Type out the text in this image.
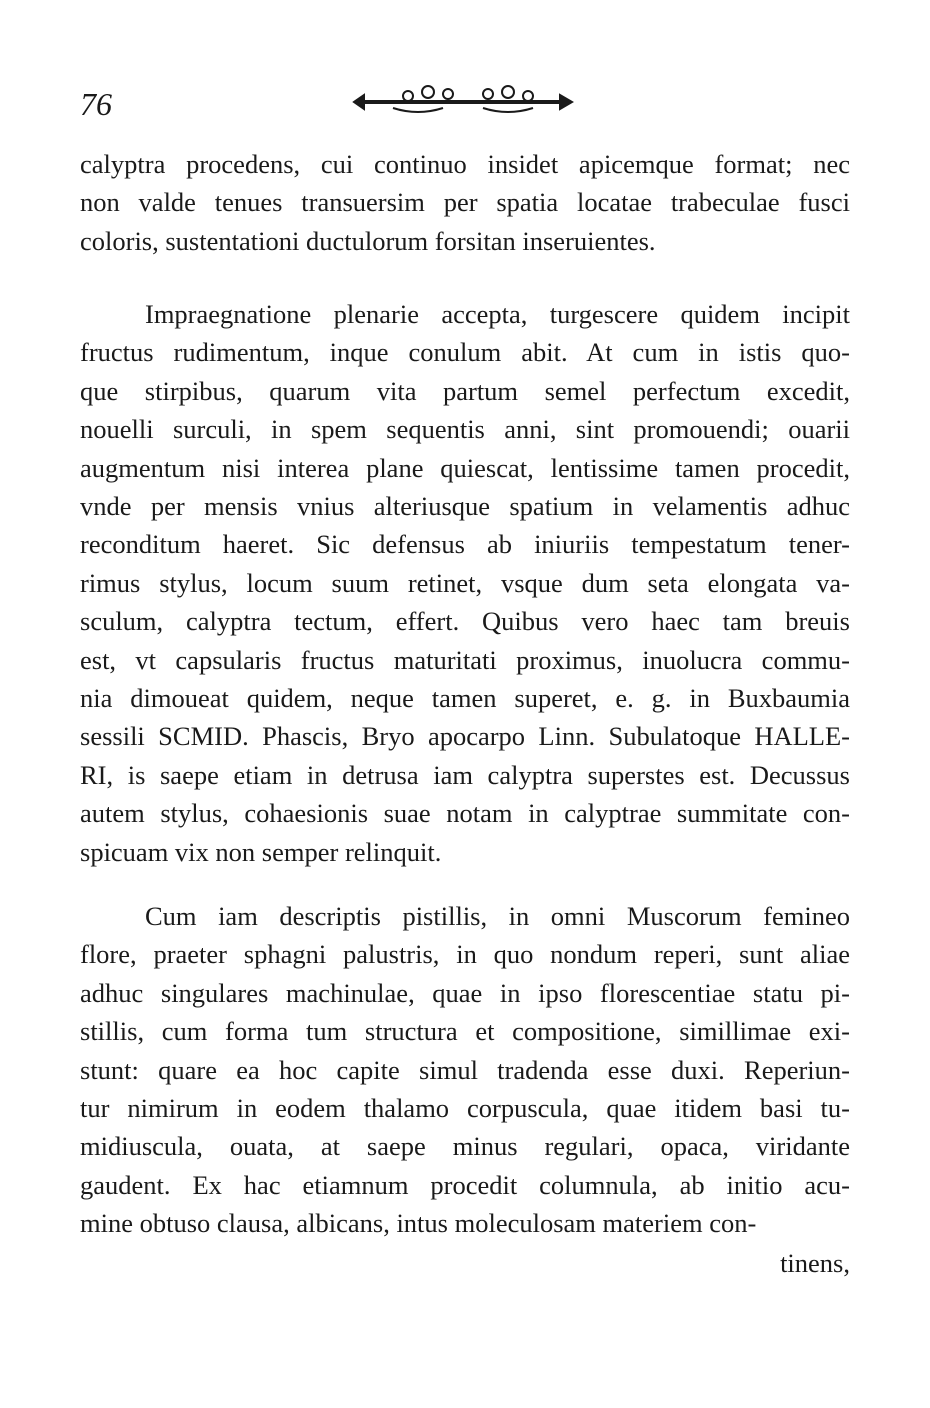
76
calyptra procedens, cui continuo insidet apicemque format; nec
non valde tenues transuersim per spatia locatae trabeculae fusci
coloris, sustentationi ductulorum forsitan inseruientes.
Impraegnatione plenarie accepta, turgescere quidem incipit
fructus rudimentum, inque conulum abit. At cum in istis quo-
que stirpibus, quarum vita partum semel perfectum excedit,
nouelli surculi, in spem sequentis anni, sint promouendi; ouarii
augmentum nisi interea plane quiescat, lentissime tamen procedit,
vnde per mensis vnius alteriusque spatium in velamentis adhuc
reconditum haeret. Sic defensus ab iniuriis tempestatum tener-
rimus stylus, locum suum retinet, vsque dum seta elongata va-
sculum, calyptra tectum, effert. Quibus vero haec tam breuis
est, vt capsularis fructus maturitati proximus, inuolucra commu-
nia dimoueat quidem, neque tamen superet, e. g. in Buxbaumia
sessili SCMID. Phascis, Bryo apocarpo Linn. Subulatoque HALLE-
RI, is saepe etiam in detrusa iam calyptra superstes est. Decussus
autem stylus, cohaesionis suae notam in calyptrae summitate con-
spicuam vix non semper relinquit.
Cum iam descriptis pistillis, in omni Muscorum femineo
flore, praeter sphagni palustris, in quo nondum reperi, sunt aliae
adhuc singulares machinulae, quae in ipso florescentiae statu pi-
stillis, cum forma tum structura et compositione, simillimae exi-
stunt: quare ea hoc capite simul tradenda esse duxi. Reperiun-
tur nimirum in eodem thalamo corpuscula, quae itidem basi tu-
midiuscula, ouata, at saepe minus regulari, opaca, viridante
gaudent. Ex hac etiamnum procedit columnula, ab initio acu-
mine obtuso clausa, albicans, intus moleculosam materiem con-
tinens,
